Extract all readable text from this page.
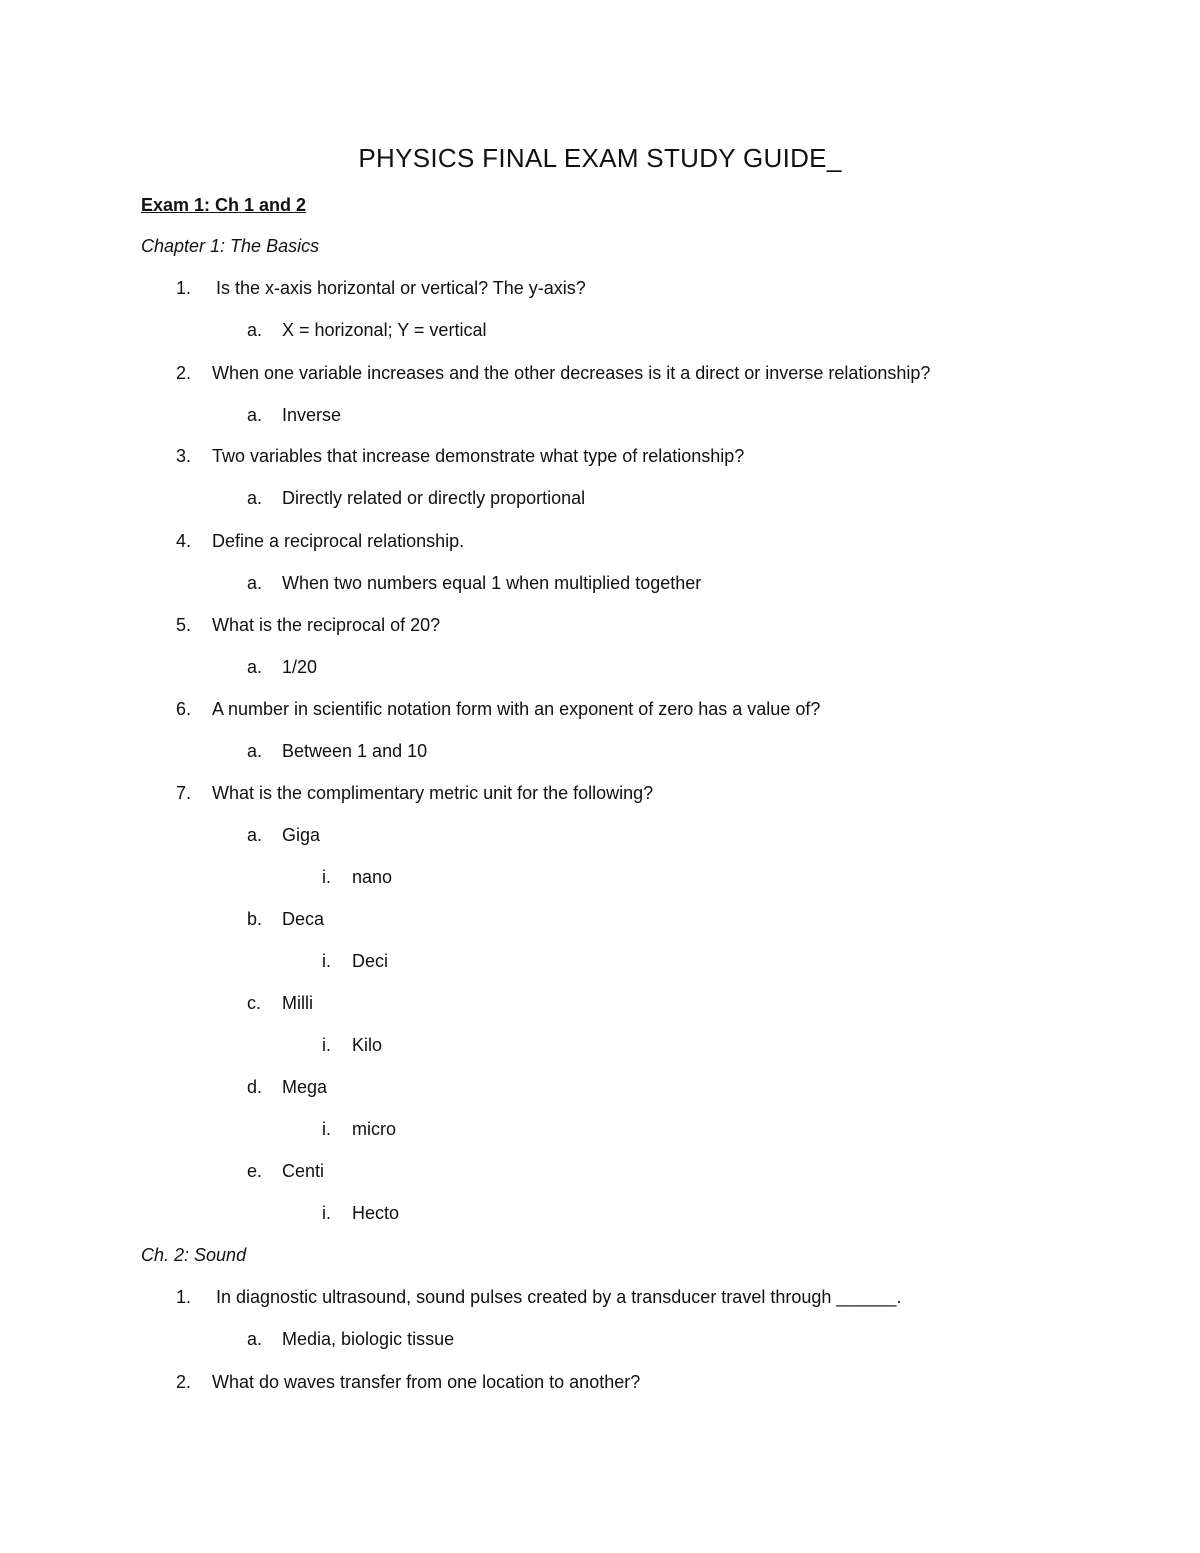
PHYSICS FINAL EXAM STUDY GUIDE_
Exam 1: Ch 1 and 2
Chapter 1: The Basics
1. Is the x-axis horizontal or vertical? The y-axis?
a. X = horizonal; Y = vertical
2. When one variable increases and the other decreases is it a direct or inverse relationship?
a. Inverse
3. Two variables that increase demonstrate what type of relationship?
a. Directly related or directly proportional
4. Define a reciprocal relationship.
a. When two numbers equal 1 when multiplied together
5. What is the reciprocal of 20?
a. 1/20
6. A number in scientific notation form with an exponent of zero has a value of?
a. Between 1 and 10
7. What is the complimentary metric unit for the following?
a. Giga
i. nano
b. Deca
i. Deci
c. Milli
i. Kilo
d. Mega
i. micro
e. Centi
i. Hecto
Ch. 2: Sound
1. In diagnostic ultrasound, sound pulses created by a transducer travel through ______.
a. Media, biologic tissue
2. What do waves transfer from one location to another?
